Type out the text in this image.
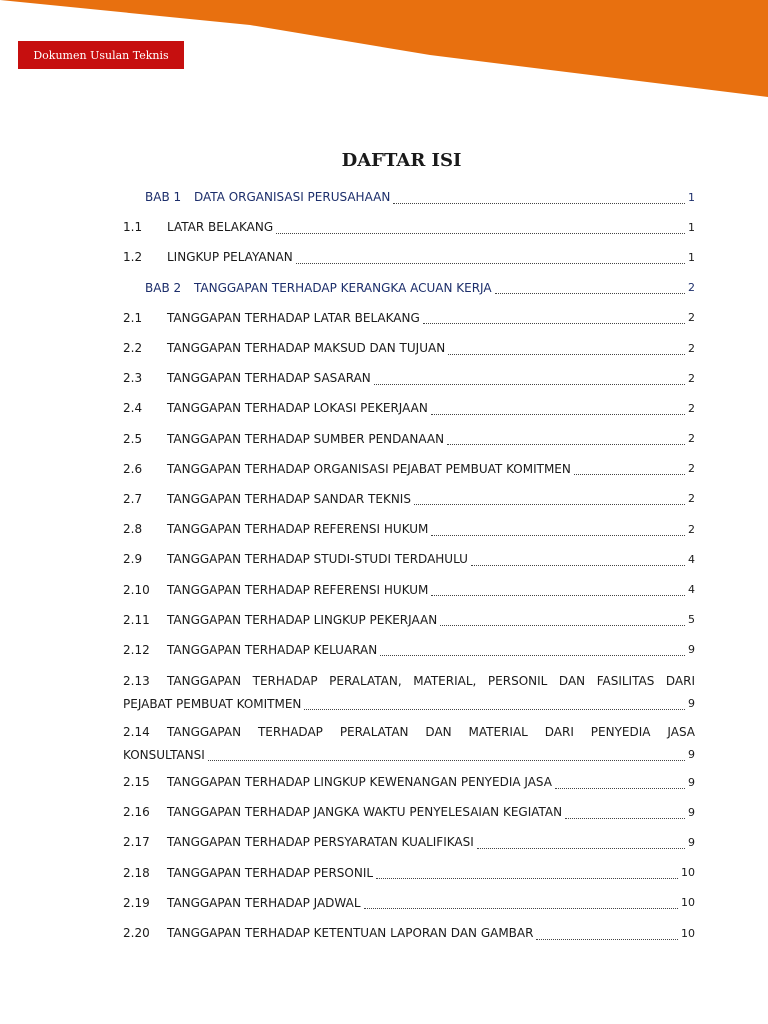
Dokumen Usulan Teknis
DAFTAR ISI
BAB 1	DATA ORGANISASI PERUSAHAAN	1
1.1	LATAR BELAKANG	1
1.2	LINGKUP PELAYANAN	1
BAB 2	TANGGAPAN TERHADAP KERANGKA ACUAN KERJA	2
2.1	TANGGAPAN TERHADAP LATAR BELAKANG	2
2.2	TANGGAPAN TERHADAP MAKSUD DAN TUJUAN	2
2.3	TANGGAPAN TERHADAP SASARAN	2
2.4	TANGGAPAN TERHADAP LOKASI PEKERJAAN	2
2.5	TANGGAPAN TERHADAP SUMBER PENDANAAN	2
2.6	TANGGAPAN TERHADAP ORGANISASI PEJABAT PEMBUAT KOMITMEN	2
2.7	TANGGAPAN TERHADAP SANDAR TEKNIS	2
2.8	TANGGAPAN TERHADAP REFERENSI HUKUM	2
2.9	TANGGAPAN TERHADAP STUDI-STUDI TERDAHULU	4
2.10	TANGGAPAN TERHADAP REFERENSI HUKUM	4
2.11	TANGGAPAN TERHADAP LINGKUP PEKERJAAN	5
2.12	TANGGAPAN TERHADAP KELUARAN	9
2.13	TANGGAPAN TERHADAP PERALATAN, MATERIAL, PERSONIL DAN FASILITAS DARI
PEJABAT PEMBUAT KOMITMEN	9
2.14	TANGGAPAN TERHADAP PERALATAN DAN MATERIAL DARI PENYEDIA JASA
KONSULTANSI	9
2.15	TANGGAPAN TERHADAP LINGKUP KEWENANGAN PENYEDIA JASA	9
2.16	TANGGAPAN TERHADAP JANGKA WAKTU PENYELESAIAN KEGIATAN	9
2.17	TANGGAPAN TERHADAP PERSYARATAN KUALIFIKASI	9
2.18	TANGGAPAN TERHADAP PERSONIL	10
2.19	TANGGAPAN TERHADAP JADWAL	10
2.20	TANGGAPAN TERHADAP KETENTUAN LAPORAN DAN GAMBAR	10
